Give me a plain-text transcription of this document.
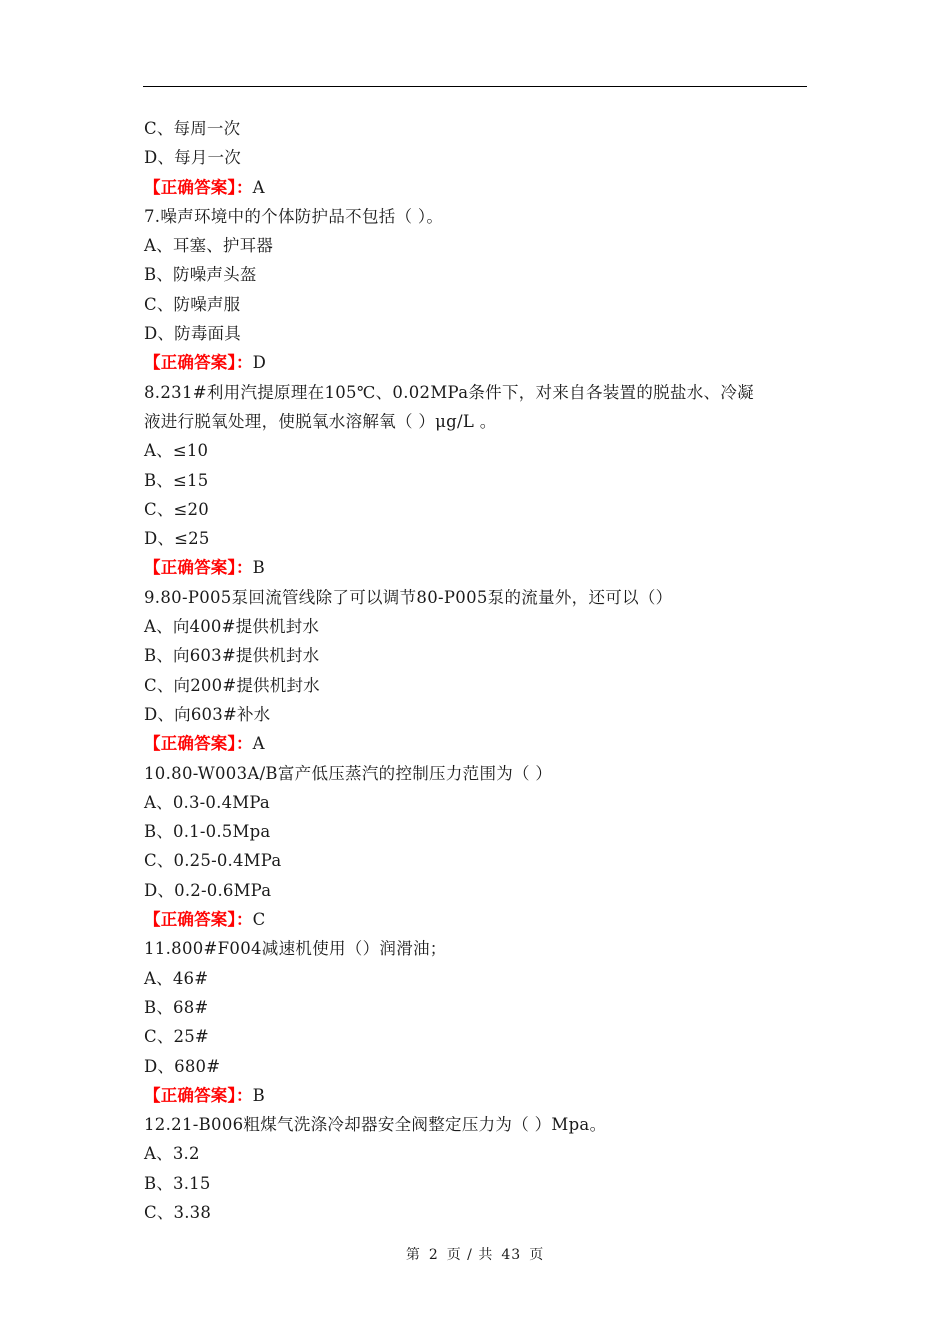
C、每周一次
D、每月一次
【正确答案】：A
7.噪声环境中的个体防护品不包括（ ）。
A、耳塞、护耳器
B、防噪声头盔
C、防噪声服
D、防毒面具
【正确答案】：D
8.231#利用汽提原理在105℃、0.02MPa条件下，对来自各装置的脱盐水、冷凝
液进行脱氧处理，使脱氧水溶解氧（ ）μg/L 。
A、≤10
B、≤15
C、≤20
D、≤25
【正确答案】：B
9.80-P005泵回流管线除了可以调节80-P005泵的流量外，还可以（）
A、向400#提供机封水
B、向603#提供机封水
C、向200#提供机封水
D、向603#补水
【正确答案】：A
10.80-W003A/B富产低压蒸汽的控制压力范围为（ ）
A、0.3-0.4MPa
B、0.1-0.5Mpa
C、0.25-0.4MPa
D、0.2-0.6MPa
【正确答案】：C
11.800#F004减速机使用（）润滑油；
A、46#
B、68#
C、25#
D、680#
【正确答案】：B
12.21-B006粗煤气洗涤冷却器安全阀整定压力为（ ）Mpa。
A、3.2
B、3.15
C、3.38
第 2 页 / 共 43 页
